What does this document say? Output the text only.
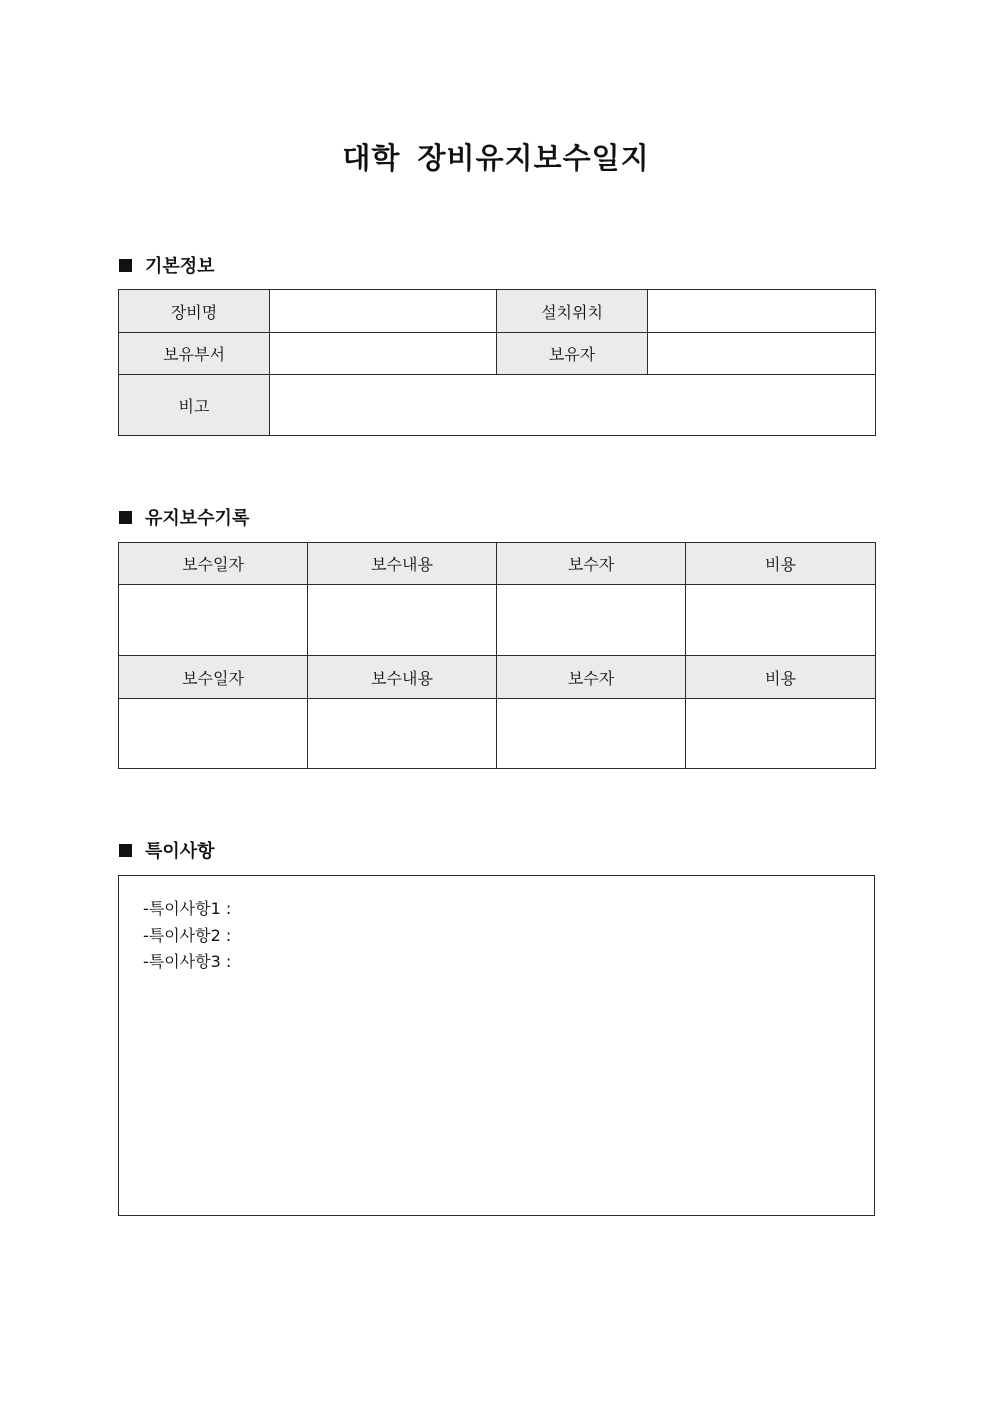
대학 장비유지보수일지
기본정보
장비명		설치위치	
보유부서		보유자	
비고			
유지보수기록
보수일자	보수내용	보수자	비용

보수일자	보수내용	보수자	비용

특이사항
-특이사항1 :
-특이사항2 :
-특이사항3 :
